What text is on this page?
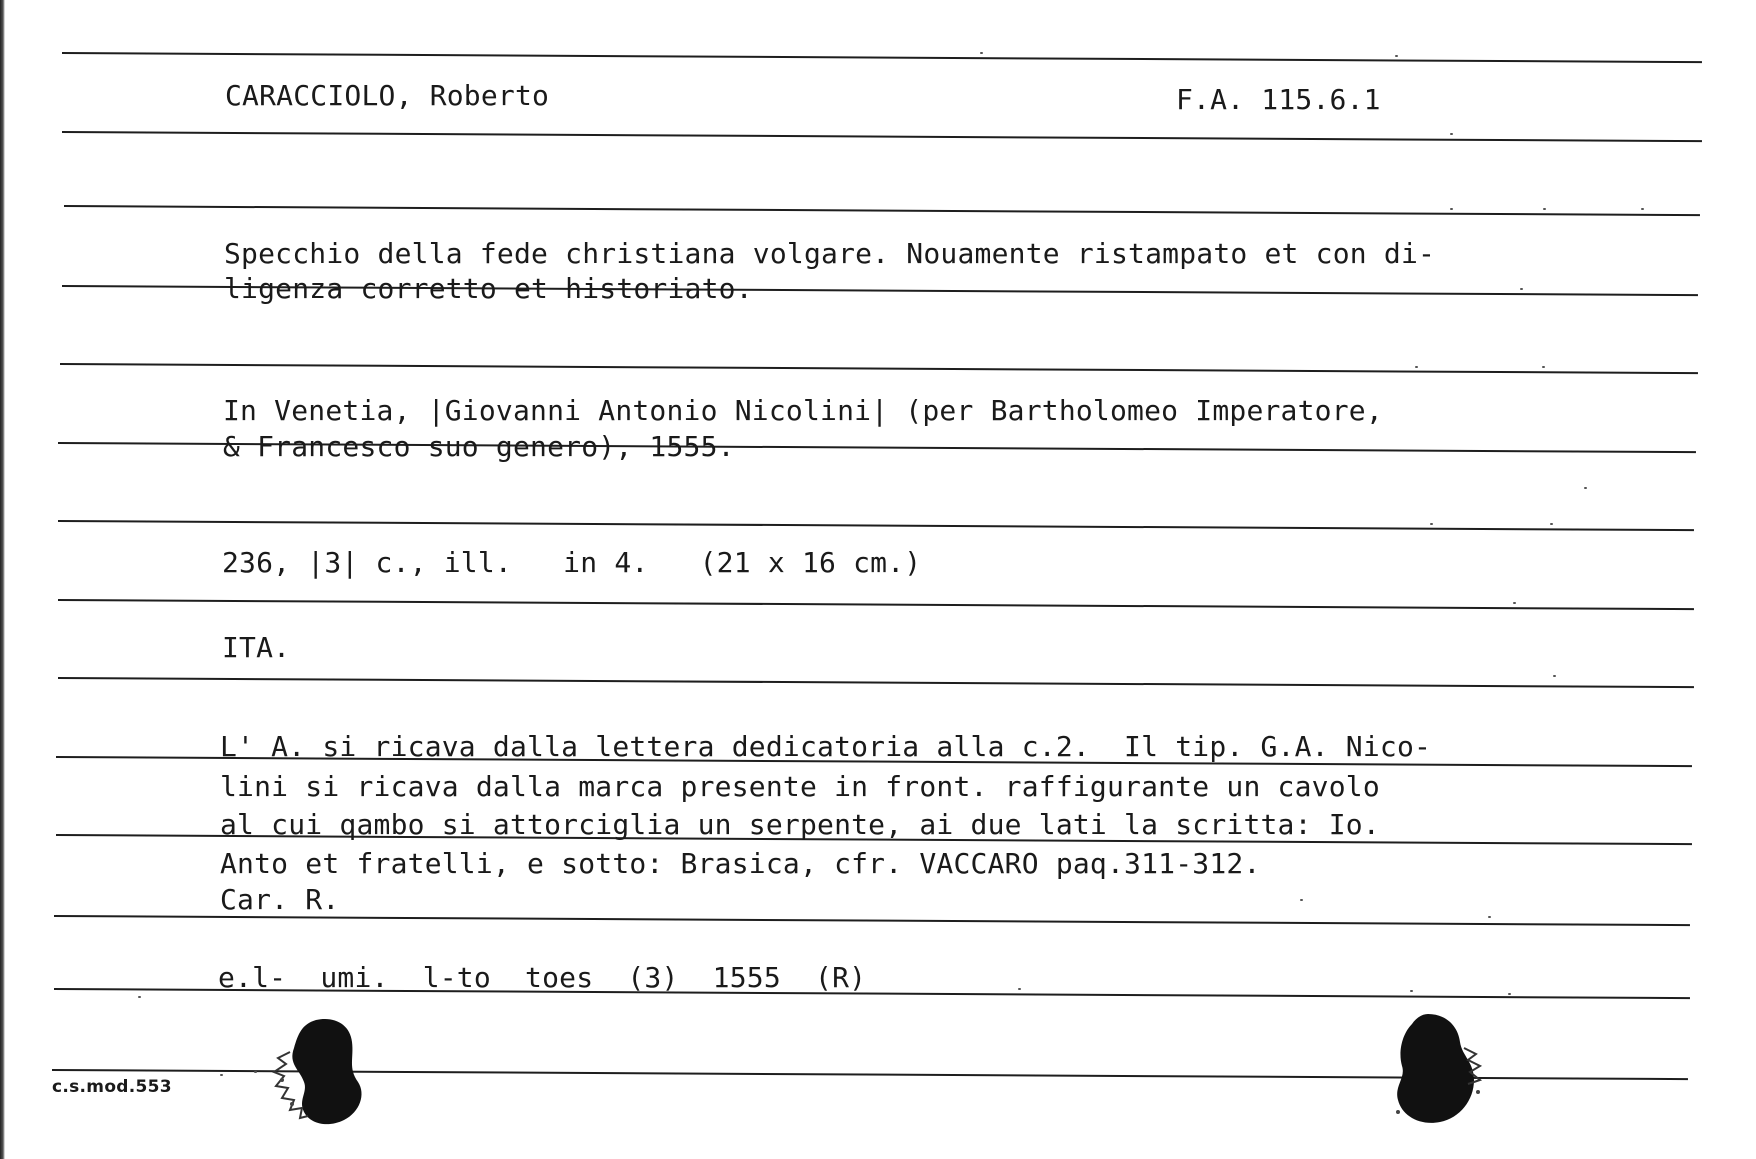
CARACCIOLO, Roberto	F.A. 115.6.1
Specchio della fede christiana volgare. Nouamente ristampato et con di-
ligenza corretto et historiato.
In Venetia, |Giovanni Antonio Nicolini| (per Bartholomeo Imperatore,
& Francesco suo genero), 1555.
236, |3| c., ill.   in 4.   (21 x 16 cm.)
ITA.
L' A. si ricava dalla lettera dedicatoria alla c.2.  Il tip. G.A. Nico-
lini si ricava dalla marca presente in front. raffigurante un cavolo
al cui qambo si attorciglia un serpente, ai due lati la scritta: Io.
Anto et fratelli, e sotto: Brasica, cfr. VACCARO paq.311-312.
Car. R.
e.l-  umi.  l-to  toes  (3)  1555  (R)
c.s.mod.553
